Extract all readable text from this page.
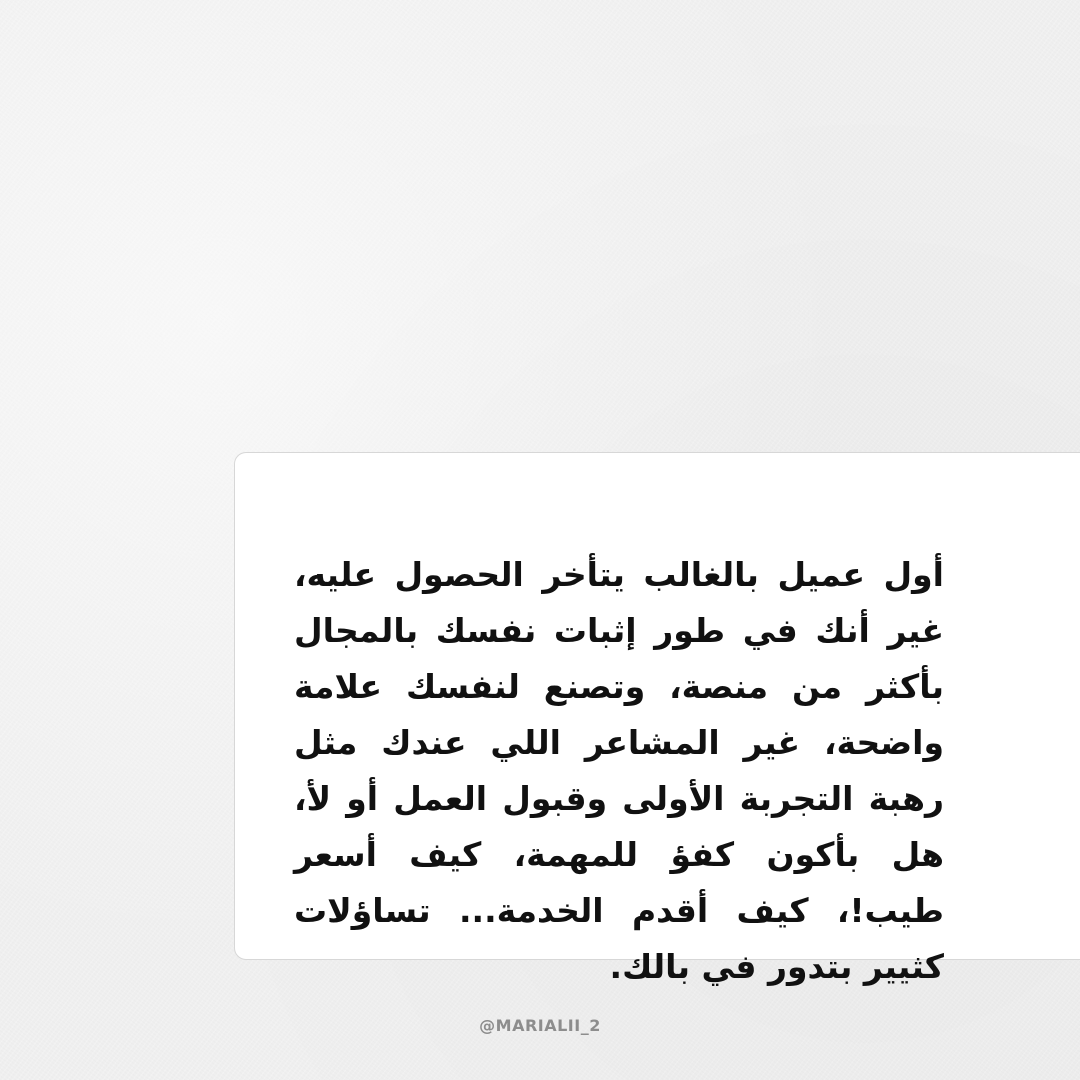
أول عميل بالغالب يتأخر الحصول عليه، غير أنك في طور إثبات نفسك بالمجال بأكثر من منصة، وتصنع لنفسك علامة واضحة، غير المشاعر اللي عندك مثل رهبة التجربة الأولى وقبول العمل أو لأ، هل بأكون كفؤ للمهمة، كيف أسعر طيب!، كيف أقدم الخدمة... تساؤلات كثيير بتدور في بالك.

@MARIALII_2
